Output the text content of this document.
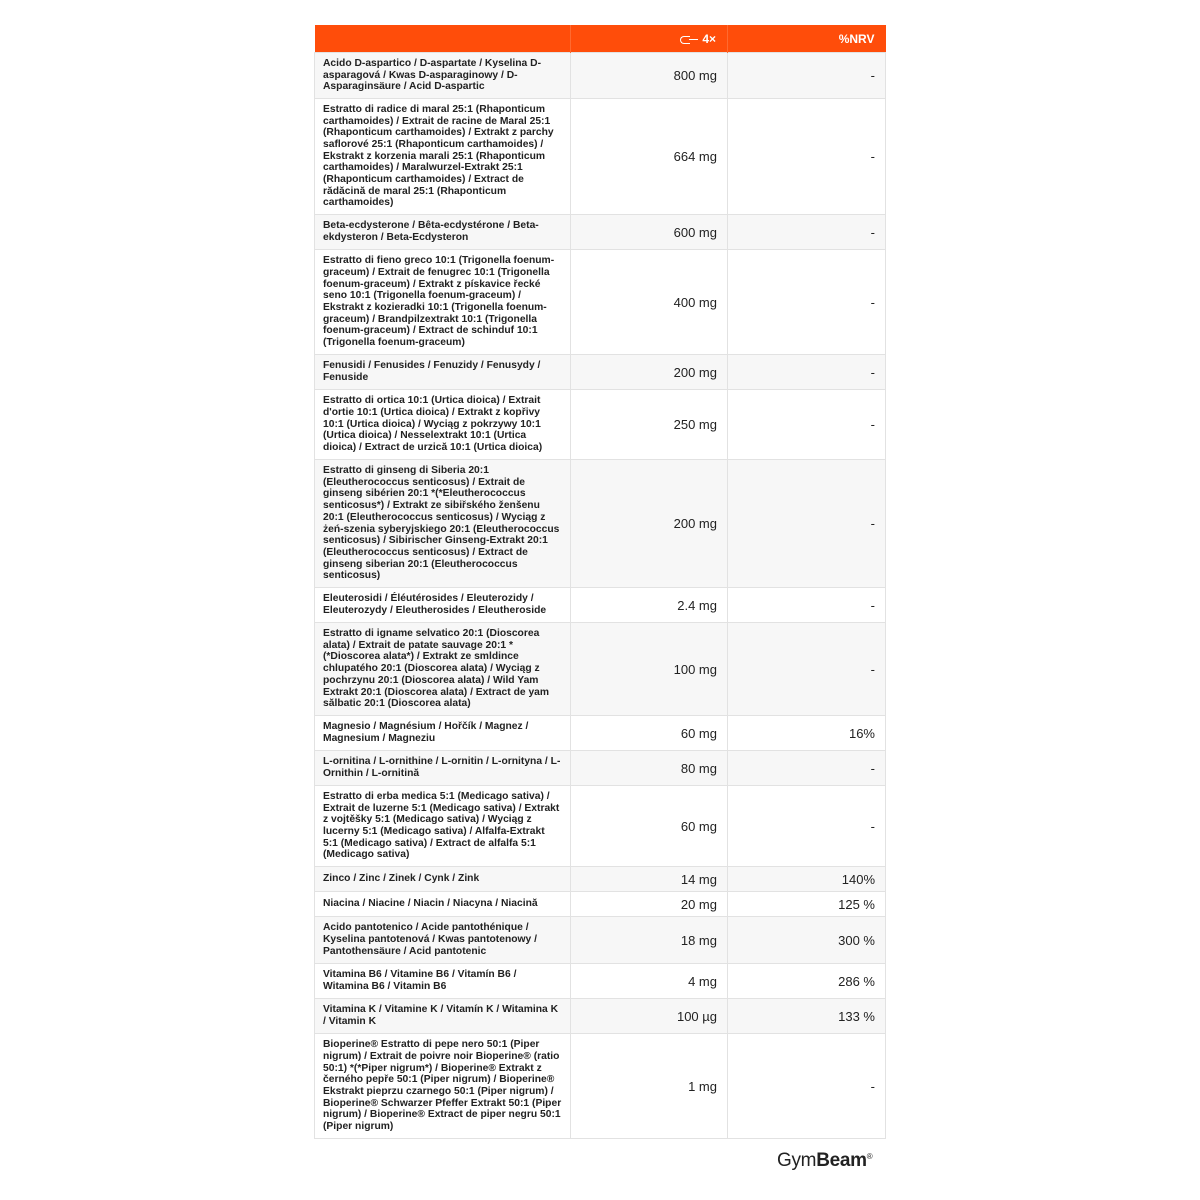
	4×	%NRV
Acido D-aspartico / D-aspartate / Kyselina D-asparagová / Kwas D-asparaginowy / D-Asparaginsäure / Acid D-aspartic	800 mg	-
Estratto di radice di maral 25:1 (Rhaponticum carthamoides) / Extrait de racine de Maral 25:1 (Rhaponticum carthamoides) / Extrakt z parchy saflorové 25:1 (Rhaponticum carthamoides) / Ekstrakt z korzenia marali 25:1 (Rhaponticum carthamoides) / Maralwurzel-Extrakt 25:1 (Rhaponticum carthamoides) / Extract de rădăcină de maral 25:1 (Rhaponticum carthamoides)	664 mg	-
Beta-ecdysterone / Bêta-ecdystérone / Beta-ekdysteron / Beta-Ecdysteron	600 mg	-
Estratto di fieno greco 10:1 (Trigonella foenum-graceum) / Extrait de fenugrec 10:1 (Trigonella foenum-graceum) / Extrakt z pískavice řecké seno 10:1 (Trigonella foenum-graceum) / Ekstrakt z kozieradki 10:1 (Trigonella foenum-graceum) / Brandpilzextrakt 10:1 (Trigonella foenum-graceum) / Extract de schinduf 10:1 (Trigonella foenum-graceum)	400 mg	-
Fenusidi / Fenusides / Fenuzidy / Fenusydy / Fenuside	200 mg	-
Estratto di ortica 10:1 (Urtica dioica) / Extrait d'ortie 10:1 (Urtica dioica) / Extrakt z kopřivy 10:1 (Urtica dioica) / Wyciąg z pokrzywy 10:1 (Urtica dioica) / Nesselextrakt 10:1 (Urtica dioica) / Extract de urzică 10:1 (Urtica dioica)	250 mg	-
Estratto di ginseng di Siberia 20:1 (Eleutherococcus senticosus) / Extrait de ginseng sibérien 20:1 *(*Eleutherococcus senticosus*) / Extrakt ze sibiřského ženšenu 20:1 (Eleutherococcus senticosus) / Wyciąg z żeń-szenia syberyjskiego 20:1 (Eleutherococcus senticosus) / Sibirischer Ginseng-Extrakt 20:1 (Eleutherococcus senticosus) / Extract de ginseng siberian 20:1 (Eleutherococcus senticosus)	200 mg	-
Eleuterosidi / Éléutérosides / Eleuterozidy / Eleuterozydy / Eleutherosides / Eleutheroside	2.4 mg	-
Estratto di igname selvatico 20:1 (Dioscorea alata) / Extrait de patate sauvage 20:1 *(*Dioscorea alata*) / Extrakt ze smldince chlupatého 20:1 (Dioscorea alata) / Wyciąg z pochrzynu 20:1 (Dioscorea alata) / Wild Yam Extrakt 20:1 (Dioscorea alata) / Extract de yam sălbatic 20:1 (Dioscorea alata)	100 mg	-
Magnesio / Magnésium / Hořčík / Magnez / Magnesium / Magneziu	60 mg	16%
L-ornitina / L-ornithine / L-ornitin / L-ornityna / L-Ornithin / L-ornitină	80 mg	-
Estratto di erba medica 5:1 (Medicago sativa) / Extrait de luzerne 5:1 (Medicago sativa) / Extrakt z vojtěšky 5:1 (Medicago sativa) / Wyciąg z lucerny 5:1 (Medicago sativa) / Alfalfa-Extrakt 5:1 (Medicago sativa) / Extract de alfalfa 5:1 (Medicago sativa)	60 mg	-
Zinco / Zinc / Zinek / Cynk / Zink	14 mg	140%
Niacina / Niacine / Niacin / Niacyna / Niacină	20 mg	125 %
Acido pantotenico / Acide pantothénique / Kyselina pantotenová / Kwas pantotenowy / Pantothensäure / Acid pantotenic	18 mg	300 %
Vitamina B6 / Vitamine B6 / Vitamín B6 / Witamina B6 / Vitamin B6	4 mg	286 %
Vitamina K / Vitamine K / Vitamín K / Witamina K / Vitamin K	100 µg	133 %
Bioperine® Estratto di pepe nero 50:1 (Piper nigrum) / Extrait de poivre noir Bioperine® (ratio 50:1) *(*Piper nigrum*) / Bioperine® Extrakt z černého pepře 50:1 (Piper nigrum) / Bioperine® Ekstrakt pieprzu czarnego 50:1 (Piper nigrum) / Bioperine® Schwarzer Pfeffer Extrakt 50:1 (Piper nigrum) / Bioperine® Extract de piper negru 50:1 (Piper nigrum)	1 mg	-
GymBeam®
